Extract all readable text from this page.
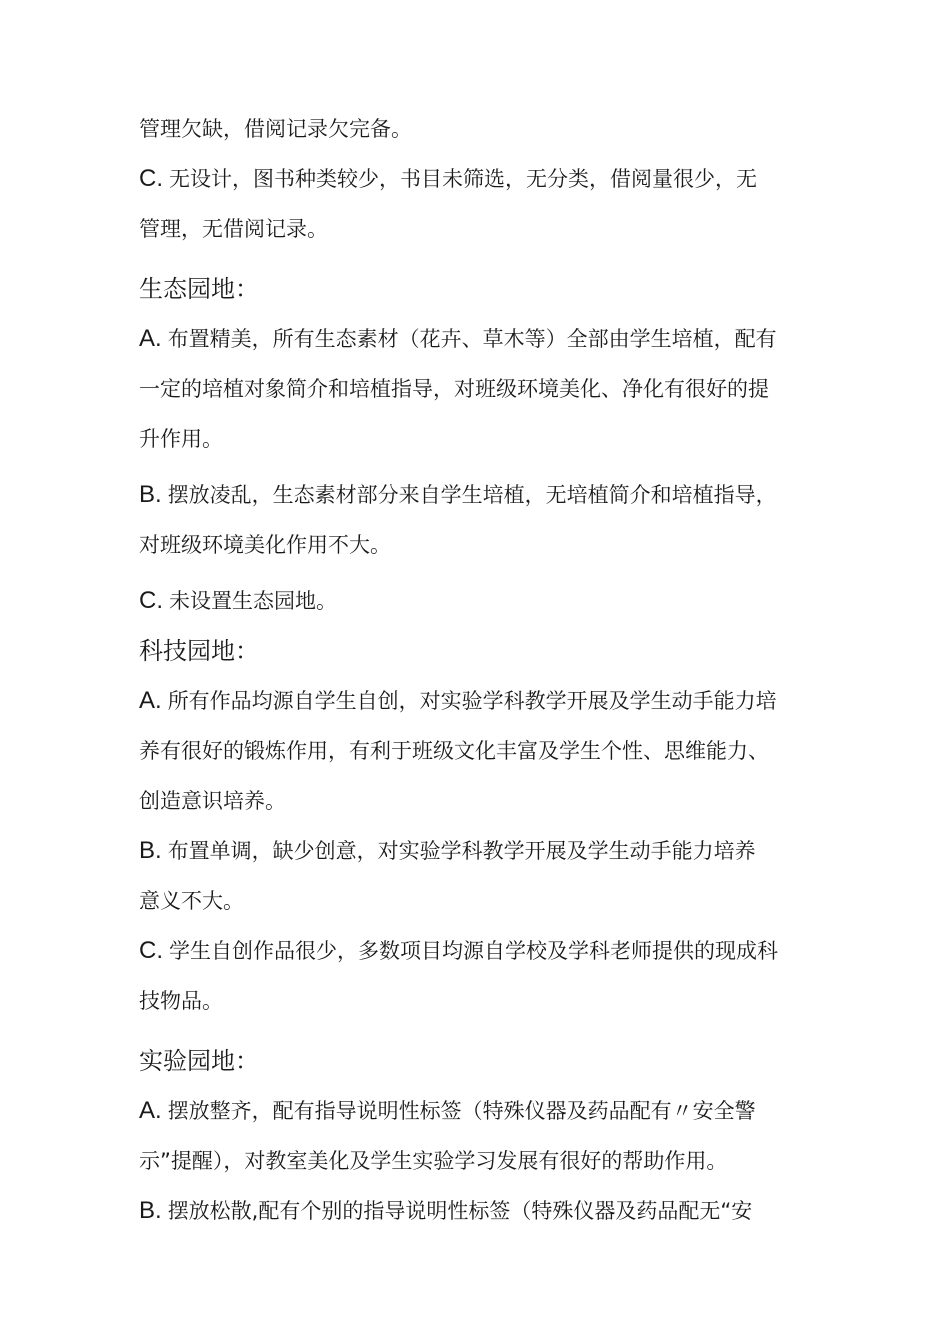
管理欠缺，借阅记录欠完备。
C. 无设计，图书种类较少，书目未筛选，无分类，借阅量很少，无
管理，无借阅记录。
生态园地：
A. 布置精美，所有生态素材（花卉、草木等）全部由学生培植，配有
一定的培植对象简介和培植指导，对班级环境美化、净化有很好的提
升作用。
B. 摆放凌乱，生态素材部分来自学生培植，无培植简介和培植指导，
对班级环境美化作用不大。
C. 未设置生态园地。
科技园地：
A. 所有作品均源自学生自创，对实验学科教学开展及学生动手能力培
养有很好的锻炼作用，有利于班级文化丰富及学生个性、思维能力、
创造意识培养。
B. 布置单调，缺少创意，对实验学科教学开展及学生动手能力培养
意义不大。
C. 学生自创作品很少，多数项目均源自学校及学科老师提供的现成科
技物品。
实验园地：
A. 摆放整齐，配有指导说明性标签（特殊仪器及药品配有〃安全警
示”提醒），对教室美化及学生实验学习发展有很好的帮助作用。
B. 摆放松散,配有个别的指导说明性标签（特殊仪器及药品配无“安
